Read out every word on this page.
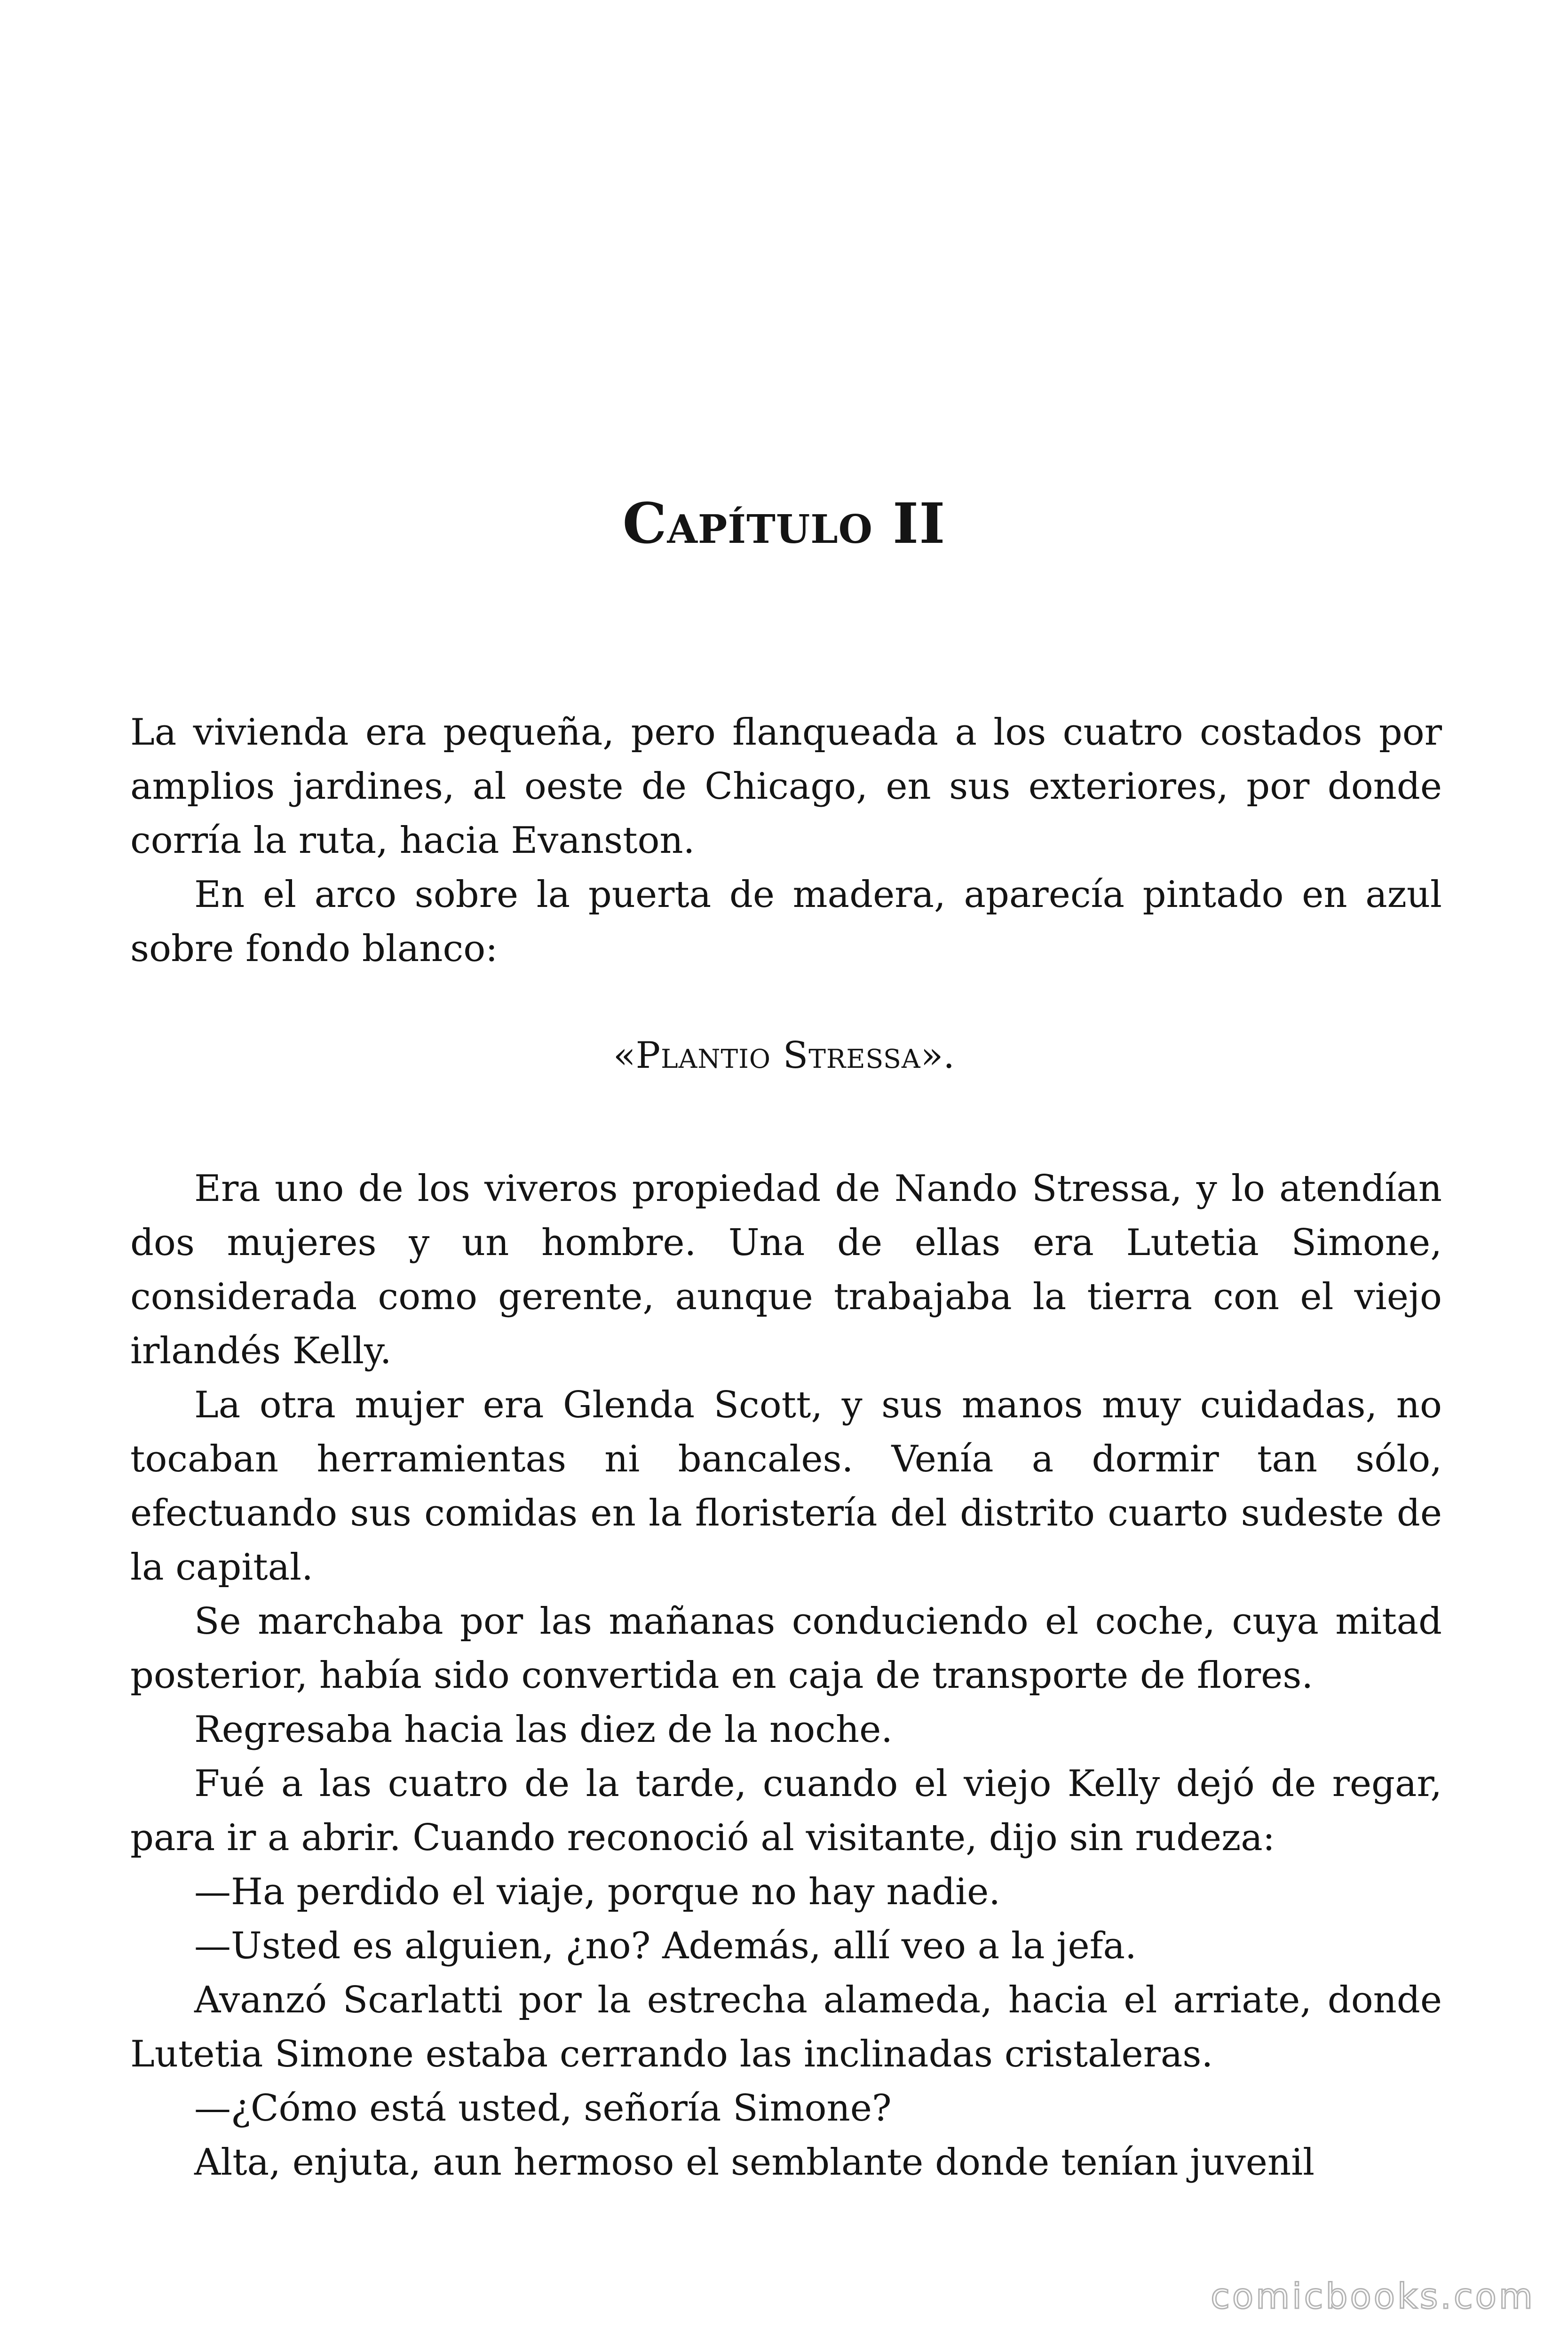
Capítulo II

La vivienda era pequeña, pero flanqueada a los cuatro costados por amplios jardines, al oeste de Chicago, en sus exteriores, por donde corría la ruta, hacia Evanston.

En el arco sobre la puerta de madera, aparecía pintado en azul sobre fondo blanco:

«Plantio Stressa».

Era uno de los viveros propiedad de Nando Stressa, y lo atendían dos mujeres y un hombre. Una de ellas era Lutetia Simone, considerada como gerente, aunque trabajaba la tierra con el viejo irlandés Kelly.

La otra mujer era Glenda Scott, y sus manos muy cuidadas, no tocaban herramientas ni bancales. Venía a dormir tan sólo, efectuando sus comidas en la floristería del distrito cuarto sudeste de la capital.

Se marchaba por las mañanas conduciendo el coche, cuya mitad posterior, había sido convertida en caja de transporte de flores.

Regresaba hacia las diez de la noche.

Fué a las cuatro de la tarde, cuando el viejo Kelly dejó de regar, para ir a abrir. Cuando reconoció al visitante, dijo sin rudeza:

—Ha perdido el viaje, porque no hay nadie.

—Usted es alguien, ¿no? Además, allí veo a la jefa.

Avanzó Scarlatti por la estrecha alameda, hacia el arriate, donde Lutetia Simone estaba cerrando las inclinadas cristaleras.

—¿Cómo está usted, señoría Simone?

Alta, enjuta, aun hermoso el semblante donde tenían juvenil

comicbooks.com
